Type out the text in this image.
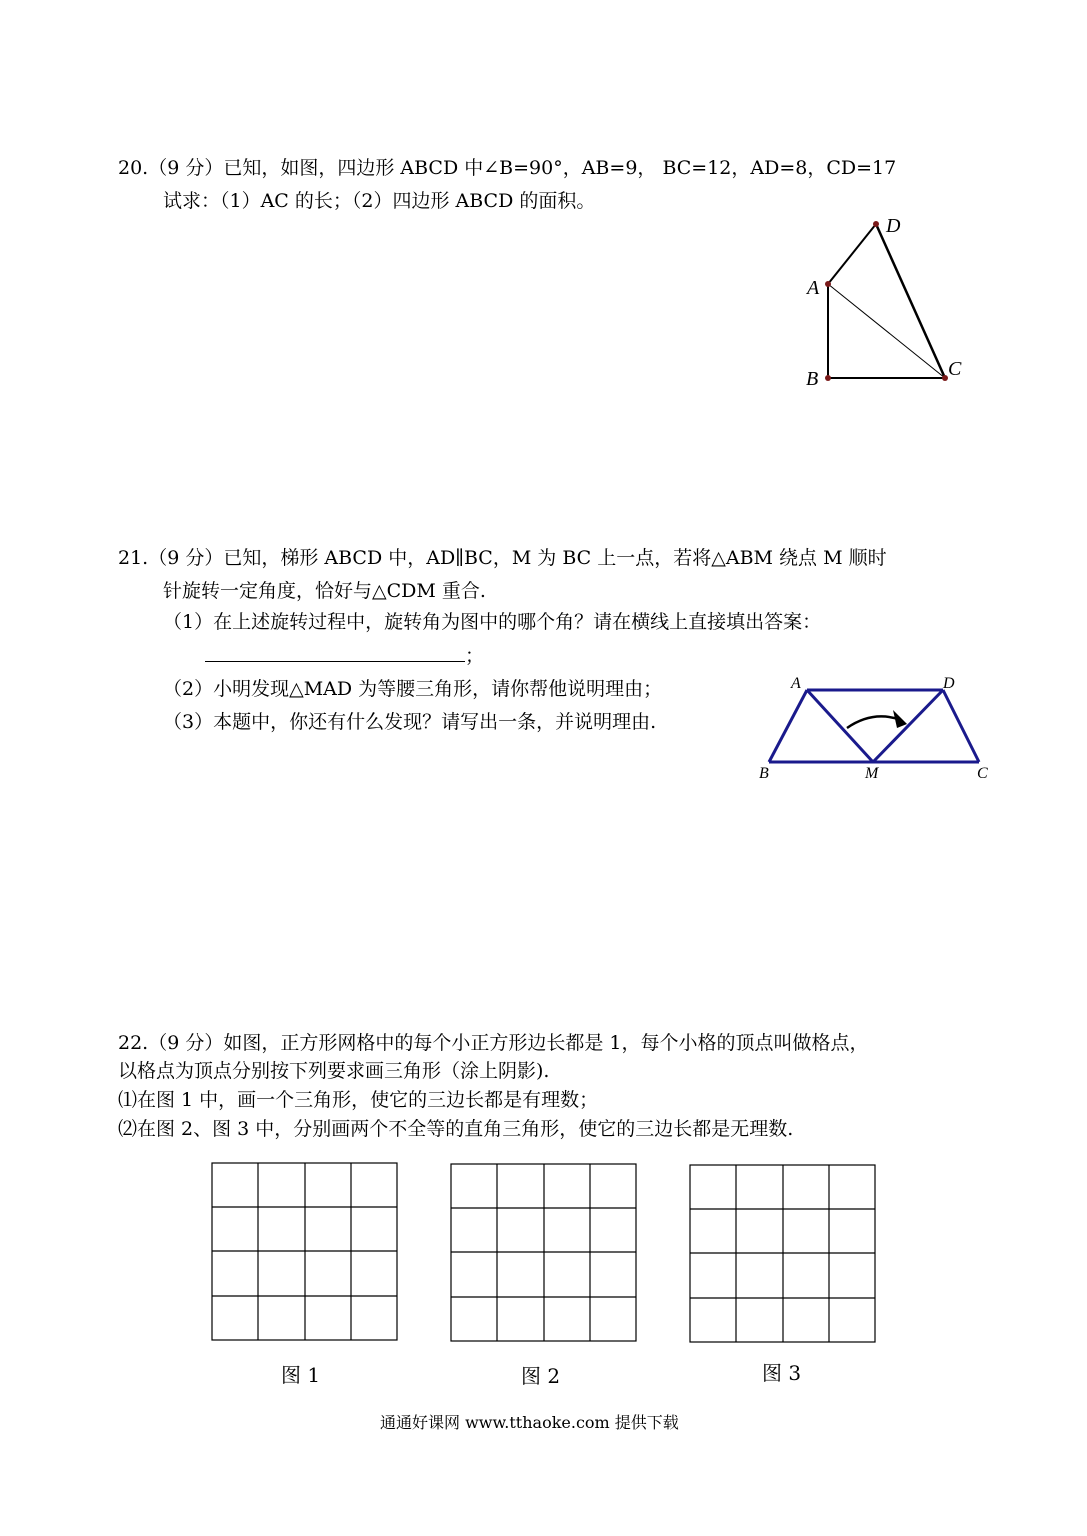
20.（9 分）已知，如图，四边形 ABCD 中∠B=90°，AB=9， BC=12，AD=8，CD=17
试求：（1）AC 的长；（2）四边形 ABCD 的面积。
D
A
B	C
21.（9 分）已知，梯形 ABCD 中，AD∥BC，M 为 BC 上一点，若将△ABM 绕点 M 顺时
针旋转一定角度，恰好与△CDM 重合.
（1）在上述旋转过程中，旋转角为图中的哪个角？请在横线上直接填出答案：
；
（2）小明发现△MAD 为等腰三角形，请你帮他说明理由；
（3）本题中，你还有什么发现？请写出一条，并说明理由.
A	D
B	M	C
22.（9 分）如图，正方形网格中的每个小正方形边长都是 1，每个小格的顶点叫做格点，
以格点为顶点分别按下列要求画三角形（涂上阴影).
⑴在图 1 中，画一个三角形，使它的三边长都是有理数；
⑵在图 2、图 3 中，分别画两个不全等的直角三角形，使它的三边长都是无理数.
图 1	图 2	图 3
通通好课网 www.tthaoke.com 提供下载
